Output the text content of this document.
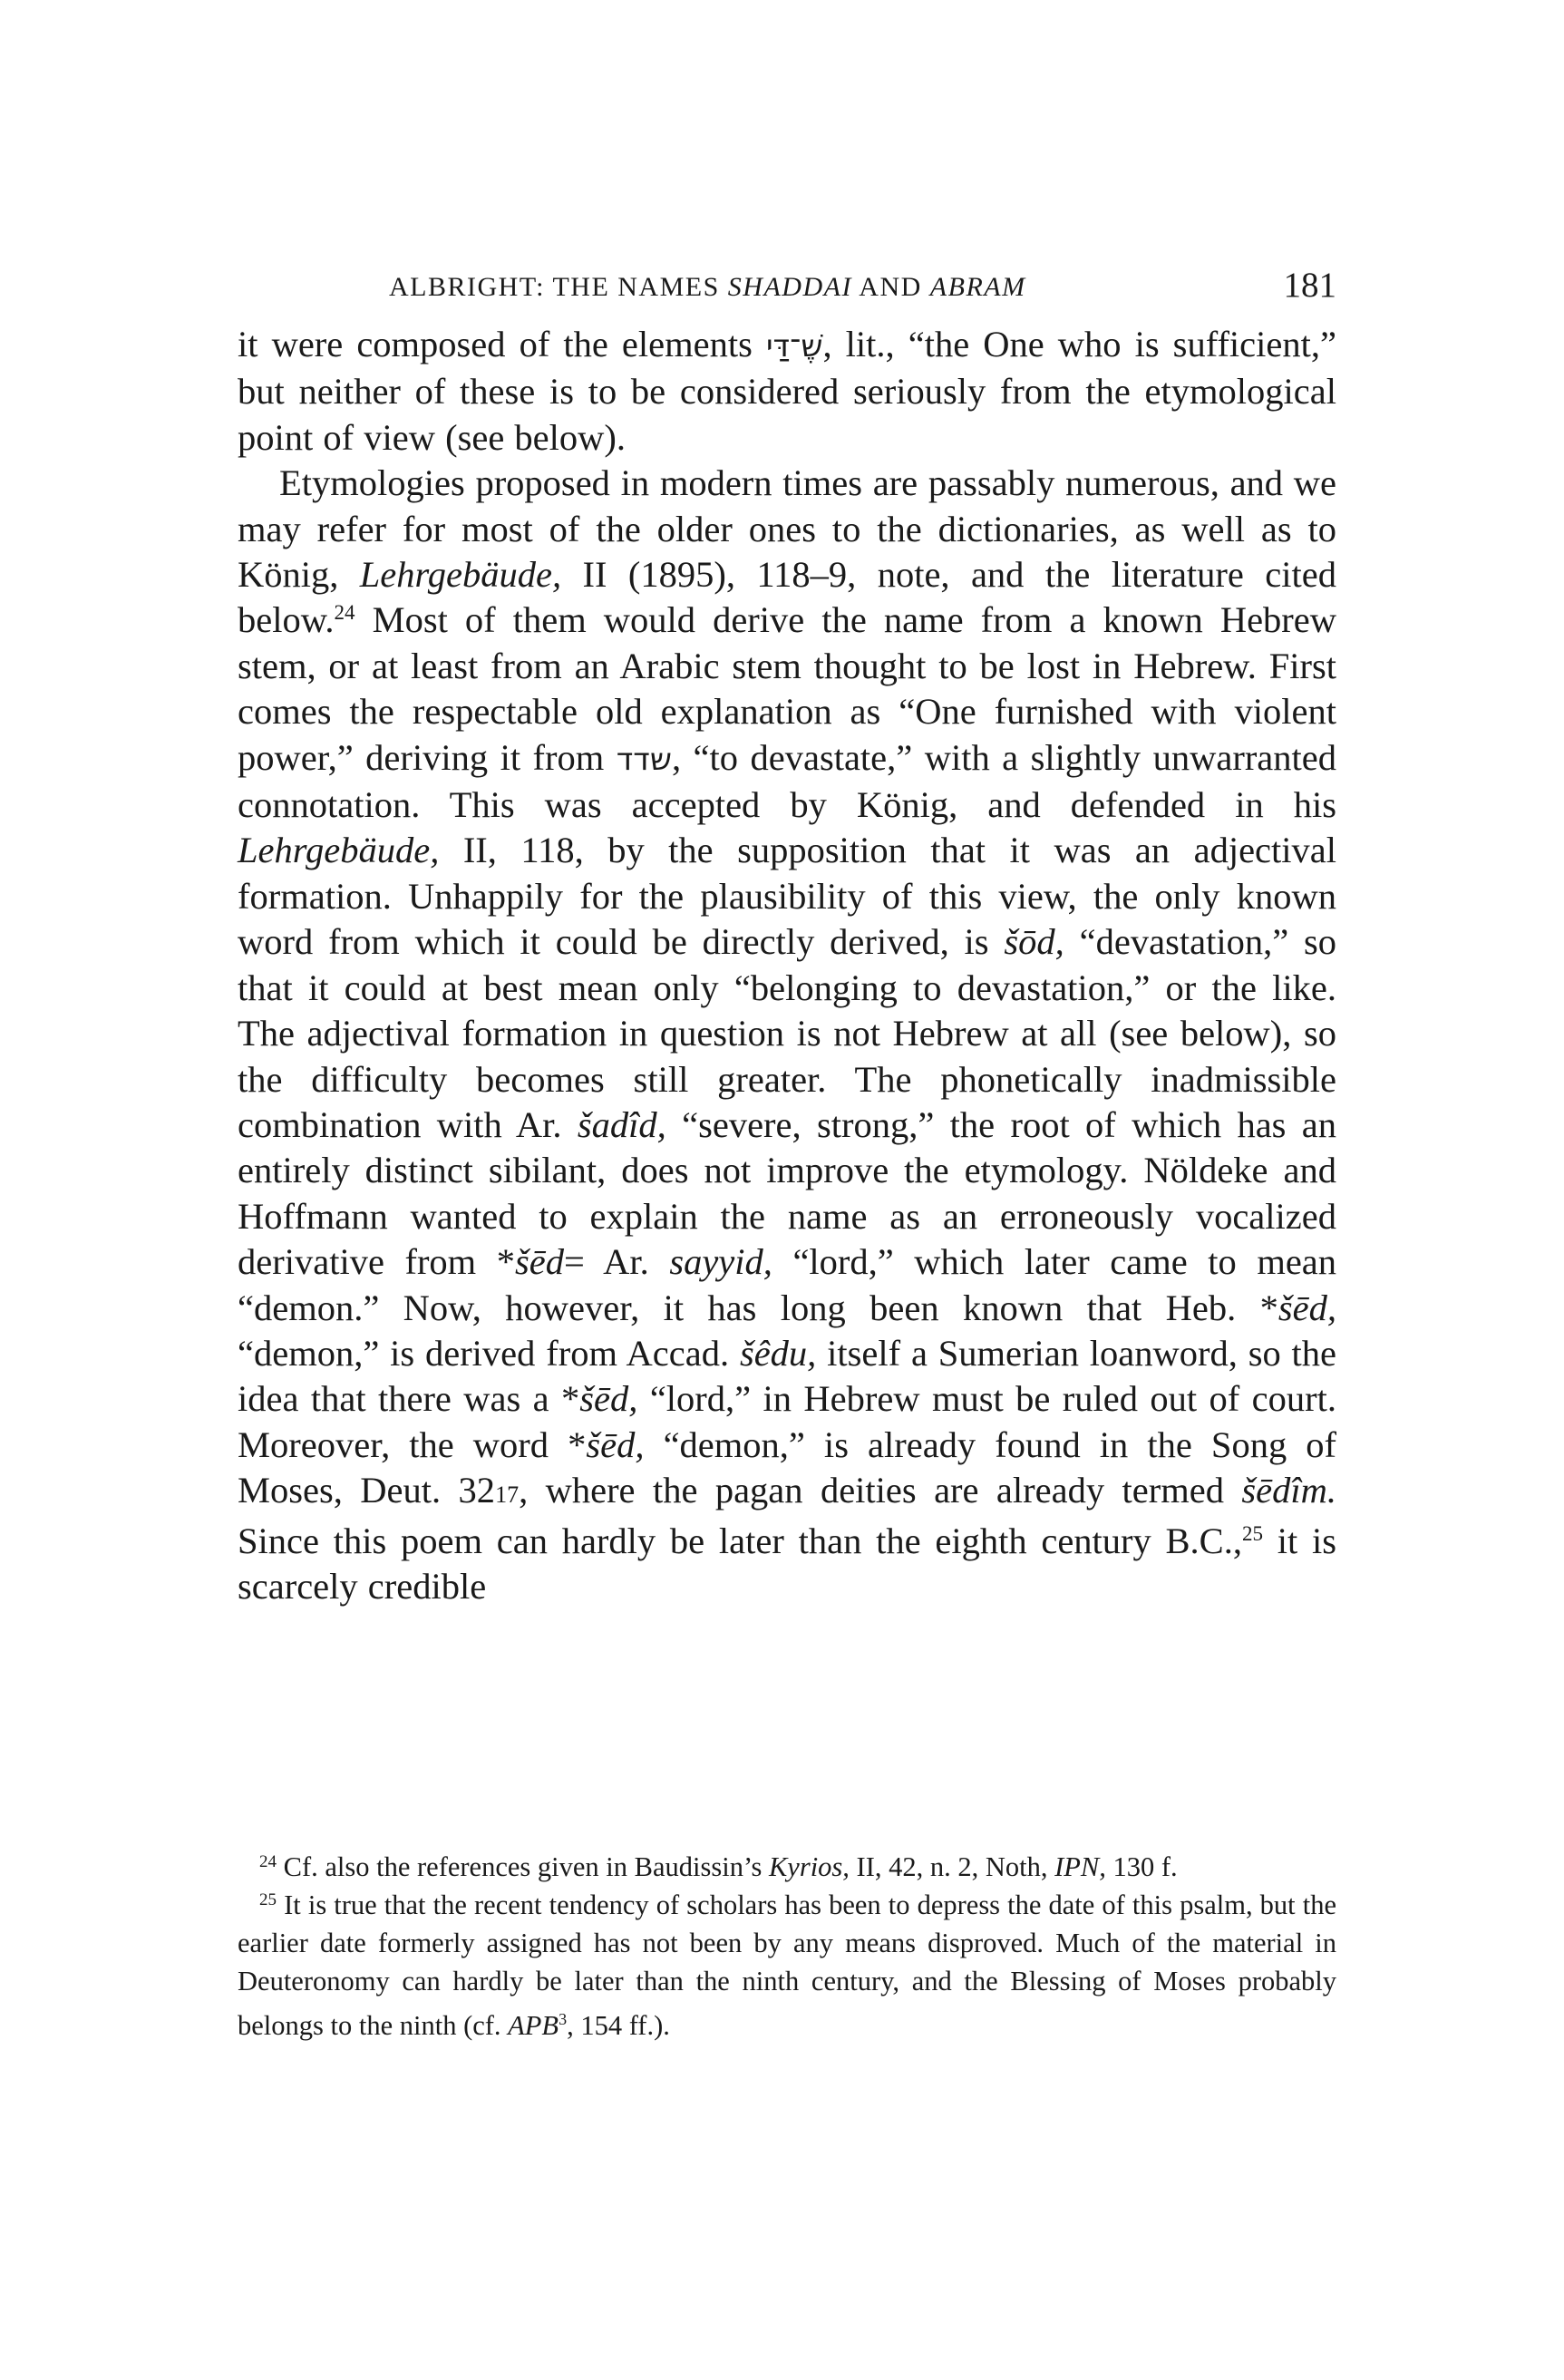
ALBRIGHT: THE NAMES SHADDAI AND ABRAM	181

it were composed of the elements שֶׁ־דַּי, lit., “the One who is sufficient,” but neither of these is to be considered seriously from the etymological point of view (see below).

Etymologies proposed in modern times are passably numerous, and we may refer for most of the older ones to the dictionaries, as well as to König, Lehrgebäude, II (1895), 118–9, note, and the literature cited below.$^{24}$ Most of them would derive the name from a known Hebrew stem, or at least from an Arabic stem thought to be lost in Hebrew. First comes the respectable old explanation as “One furnished with violent power,” deriving it from שדד, “to devastate,” with a slightly unwarranted connotation. This was accepted by König, and defended in his Lehrgebäude, II, 118, by the supposition that it was an adjectival formation. Unhappily for the plausibility of this view, the only known word from which it could be directly derived, is šōd, “devastation,” so that it could at best mean only “belonging to devastation,” or the like. The adjectival formation in question is not Hebrew at all (see below), so the difficulty becomes still greater. The phonetically inadmissible combination with Ar. šadîd, “severe, strong,” the root of which has an entirely distinct sibilant, does not improve the etymology. Nöldeke and Hoffmann wanted to explain the name as an erroneously vocalized derivative from *šēd= Ar. sayyid, “lord,” which later came to mean “demon.” Now, however, it has long been known that Heb. *šēd, “demon,” is derived from Accad. šêdu, itself a Sumerian loanword, so the idea that there was a *šēd, “lord,” in Hebrew must be ruled out of court. Moreover, the word *šēd, “demon,” is already found in the Song of Moses, Deut. 3217, where the pagan deities are already termed šēdîm. Since this poem can hardly be later than the eighth century B.C.,$^{25}$ it is scarcely credible

$^{24}$ Cf. also the references given in Baudissin’s Kyrios, II, 42, n. 2, Noth, IPN, 130 f.

$^{25}$ It is true that the recent tendency of scholars has been to depress the date of this psalm, but the earlier date formerly assigned has not been by any means disproved. Much of the material in Deuteronomy can hardly be later than the ninth century, and the Blessing of Moses probably belongs to the ninth (cf. APB$^3$, 154 ff.).
